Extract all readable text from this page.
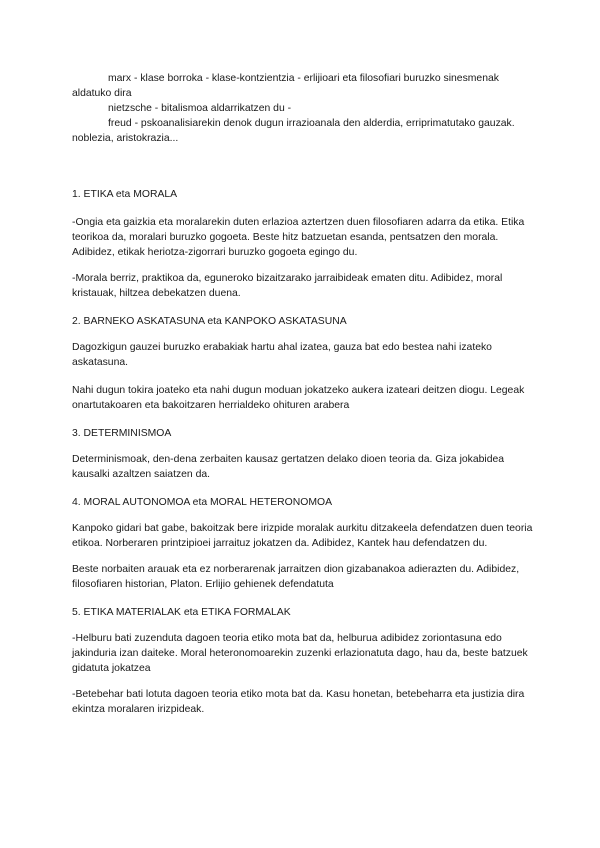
marx - klase borroka - klase-kontzientzia - erlijioari eta filosofiari buruzko sinesmenak aldatuko dira

nietzsche - bitalismoa aldarrikatzen du -

freud - pskoanalisiarekin denok dugun irrazioanala den alderdia, erriprimatutako gauzak. noblezia, aristokrazia...

1. ETIKA eta MORALA

-Ongia eta gaizkia eta moralarekin duten erlazioa aztertzen duen filosofiaren adarra da etika. Etika teorikoa da, moralari buruzko gogoeta. Beste hitz batzuetan esanda, pentsatzen den morala. Adibidez, etikak heriotza-zigorrari buruzko gogoeta egingo du.

-Morala berriz, praktikoa da, eguneroko bizaitzarako jarraibideak ematen ditu. Adibidez, moral kristauak, hiltzea debekatzen duena.

2. BARNEKO ASKATASUNA eta KANPOKO ASKATASUNA

Dagozkigun gauzei buruzko erabakiak hartu ahal izatea, gauza bat edo bestea nahi izateko askatasuna.

Nahi dugun tokira joateko eta nahi dugun moduan jokatzeko aukera izateari deitzen diogu. Legeak onartutakoaren eta bakoitzaren herrialdeko ohituren arabera

3. DETERMINISMOA

Determinismoak, den-dena zerbaiten kausaz gertatzen delako dioen teoria da. Giza jokabidea kausalki azaltzen saiatzen da.

4. MORAL AUTONOMOA eta MORAL HETERONOMOA

Kanpoko gidari bat gabe, bakoitzak bere irizpide moralak aurkitu ditzakeela defendatzen duen teoria etikoa. Norberaren printzipioei jarraituz jokatzen da. Adibidez, Kantek hau defendatzen du.

Beste norbaiten arauak eta ez norberarenak jarraitzen dion gizabanakoa adierazten du. Adibidez, filosofiaren historian, Platon. Erlijio gehienek defendatuta

5. ETIKA MATERIALAK eta ETIKA FORMALAK

-Helburu bati zuzenduta dagoen teoria etiko mota bat da, helburua adibidez zoriontasuna edo jakinduria izan daiteke. Moral heteronomoarekin zuzenki erlazionatuta dago, hau da, beste batzuek gidatuta jokatzea

-Betebehar bati lotuta dagoen teoria etiko mota bat da. Kasu honetan, betebeharra eta justizia dira ekintza moralaren irizpideak.
